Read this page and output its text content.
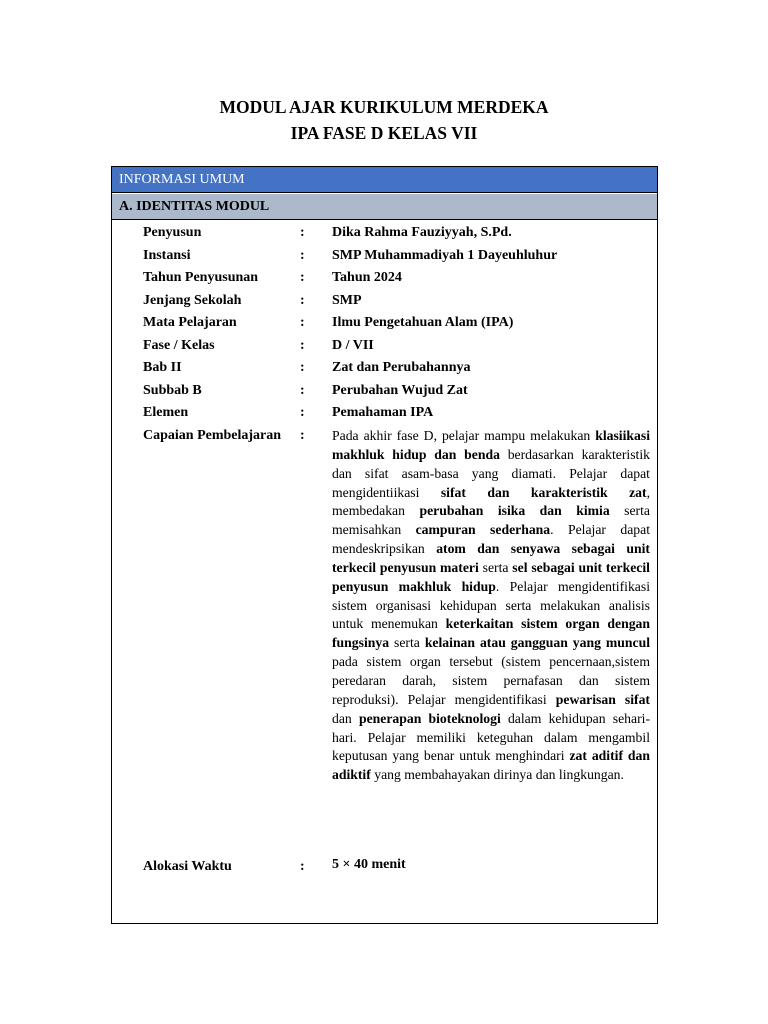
MODUL AJAR KURIKULUM MERDEKA
IPA FASE D KELAS VII
INFORMASI UMUM
A. IDENTITAS MODUL
Penyusun	: Dika Rahma Fauziyyah, S.Pd.
Instansi	: SMP Muhammadiyah 1 Dayeuhluhur
Tahun Penyusunan	: Tahun 2024
Jenjang Sekolah	: SMP
Mata Pelajaran	: Ilmu Pengetahuan Alam (IPA)
Fase / Kelas	: D / VII
Bab II	: Zat dan Perubahannya
Subbab B	: Perubahan Wujud Zat
Elemen	: Pemahaman IPA
Capaian Pembelajaran : Pada akhir fase D, pelajar mampu melakukan klasiikasi makhluk hidup dan benda berdasarkan karakteristik dan sifat asam-basa yang diamati. Pelajar dapat mengidentiikasi sifat dan karakteristik zat, membedakan perubahan isika dan kimia serta memisahkan campuran sederhana. Pelajar dapat mendeskripsikan atom dan senyawa sebagai unit terkecil penyusun materi serta sel sebagai unit terkecil penyusun makhluk hidup. Pelajar mengidentifikasi sistem organisasi kehidupan serta melakukan analisis untuk menemukan keterkaitan sistem organ dengan fungsinya serta kelainan atau gangguan yang muncul pada sistem organ tersebut (sistem pencernaan,sistem peredaran darah, sistem pernafasan dan sistem reproduksi). Pelajar mengidentifikasi pewarisan sifat dan penerapan bioteknologi dalam kehidupan sehari-hari. Pelajar memiliki keteguhan dalam mengambil keputusan yang benar untuk menghindari zat aditif dan adiktif yang membahayakan dirinya dan lingkungan.
Alokasi Waktu	: 5 × 40 menit
